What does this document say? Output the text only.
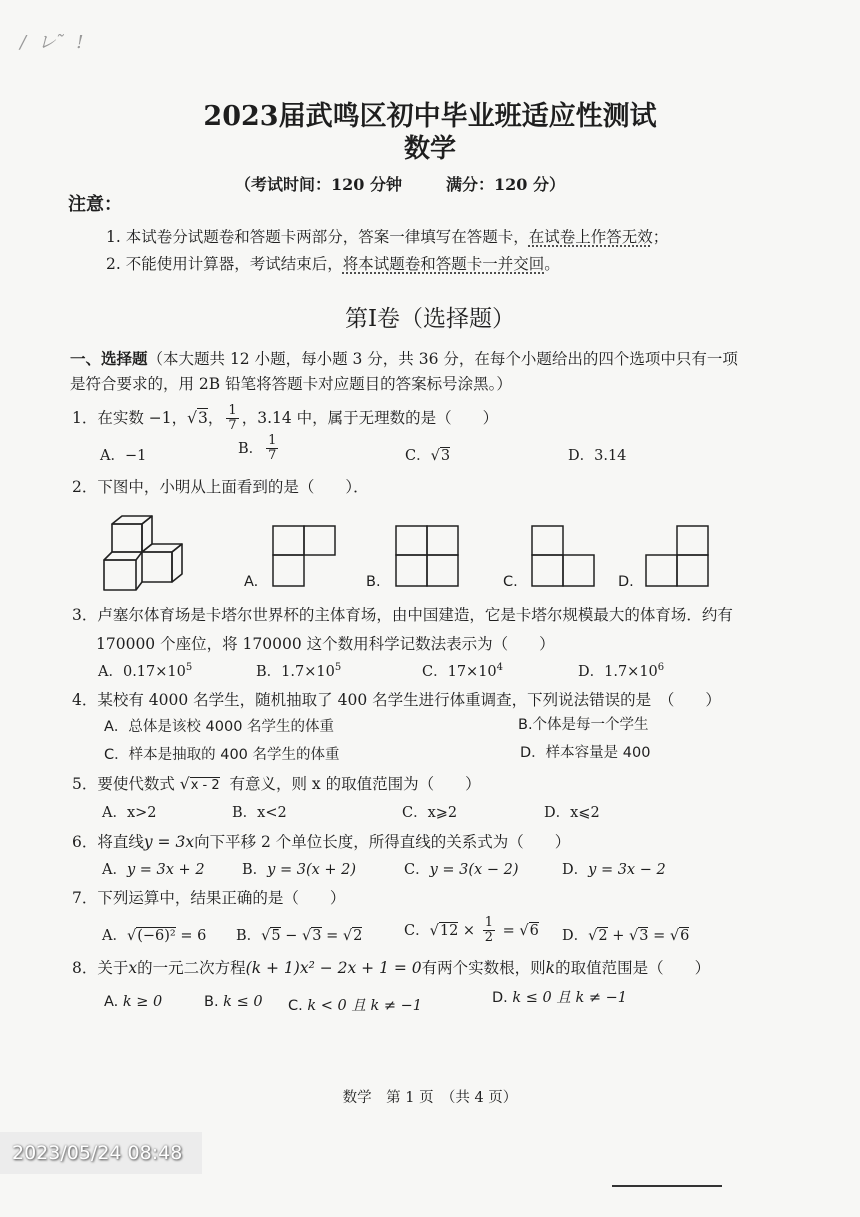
/ レ ̃ !
2023届武鸣区初中毕业班适应性测试
数学
（考试时间：120 分钟	满分：120 分）
注意：
1. 本试卷分试题卷和答题卡两部分，答案一律填写在答题卡，在试卷上作答无效；
2. 不能使用计算器，考试结束后，将本试题卷和答题卡一并交回。
第Ⅰ卷（选择题）
一、选择题（本大题共 12 小题，每小题 3 分，共 36 分，在每个小题给出的四个选项中只有一项
是符合要求的，用 2B 铅笔将答题卡对应题目的答案标号涂黑。）
1．在实数 −1，√3， $\frac{1}{7}$ ，3.14 中，属于无理数的是（　　）
A．−1	B． $\frac{1}{7}$	C．√3	D．3.14
2．下图中，小明从上面看到的是（　　）．
A.	B.	C.	D.
3．卢塞尔体育场是卡塔尔世界杯的主体育场，由中国建造，它是卡塔尔规模最大的体育场．约有
170000 个座位，将 170000 这个数用科学记数法表示为（　　）
A．$0.17\times 10^5$	B．$1.7\times 10^5$	C．$17\times 10^4$	D．$1.7\times 10^6$
4．某校有 4000 名学生，随机抽取了 400 名学生进行体重调查，下列说法错误的是　（　　）
A．总体是该校 4000 名学生的体重	B.个体是每一个学生
C．样本是抽取的 400 名学生的体重	D．样本容量是 400
5．要使代数式 √x - 2 有意义，则 x 的取值范围为（　　）
A．x>2	B．x<2	C．x⩾2	D．x⩽2
6．将直线y = 3x向下平移 2 个单位长度，所得直线的关系式为（　　）
A．y = 3x + 2	B．y = 3(x + 2)	C．y = 3(x − 2)	D．y = 3x − 2
7．下列运算中，结果正确的是（　　）
A．√(−6)² = 6 B．√5 − √3 = √2	C．$√12 \times \frac{1}{2} = √6$ D．√2 + √3 = √6
8．关于x的一元二次方程(k + 1)x² − 2x + 1 = 0有两个实数根，则k的取值范围是（　　）
A. k ≥ 0	B. k ≤ 0 C. k < 0 且 k ≠ −1	D. k ≤ 0 且 k ≠ −1
数学　第 1 页　（共 4 页）
2023/05/24 08:48
